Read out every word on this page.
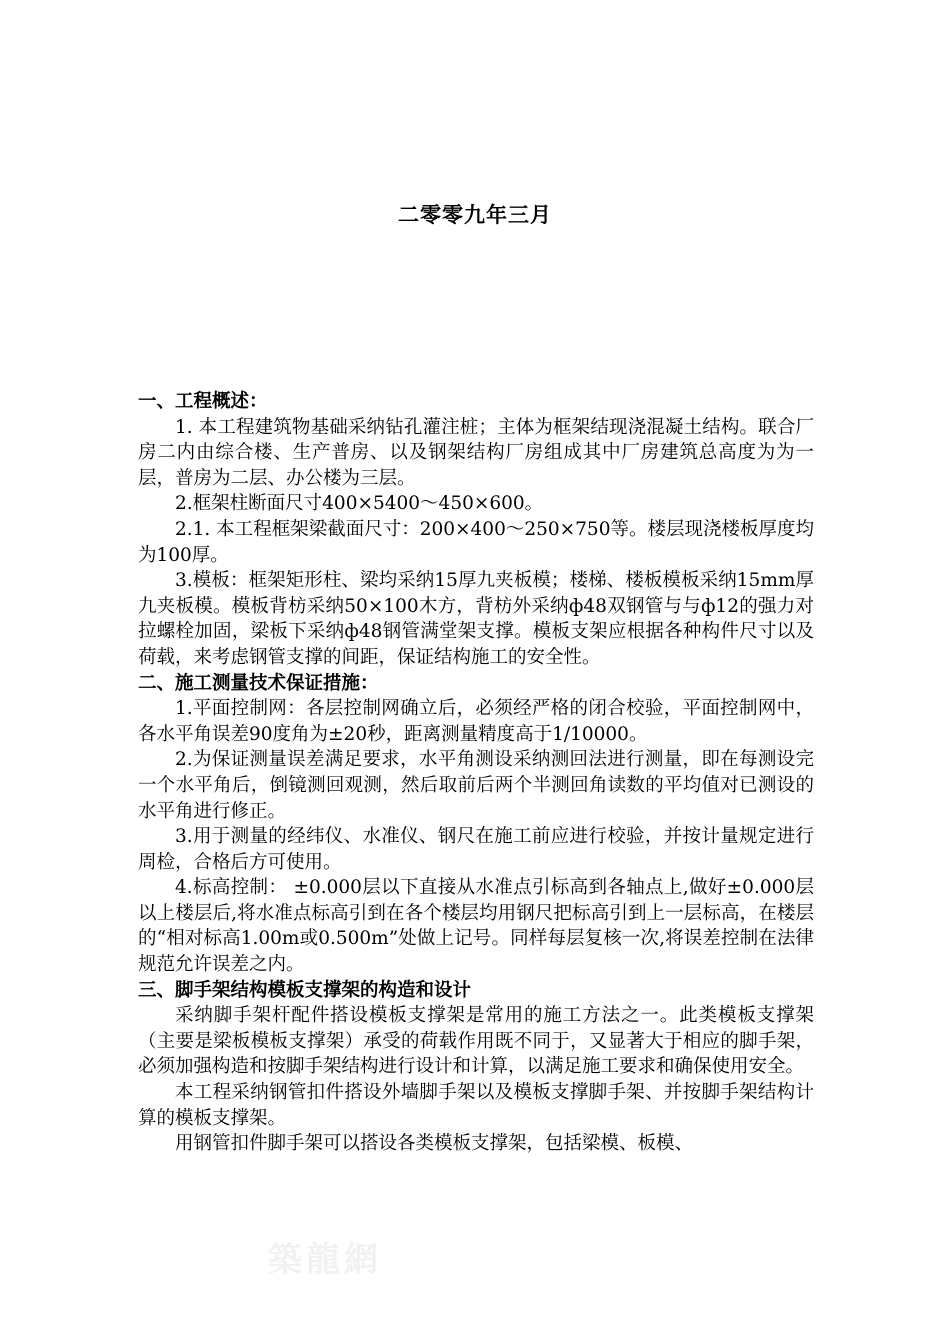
二零零九年三月

一、工程概述：

1. 本工程建筑物基础采纳钻孔灌注桩；主体为框架结现浇混凝土结构。联合厂房二内由综合楼、生产普房、以及钢架结构厂房组成其中厂房建筑总高度为为一层，普房为二层、办公楼为三层。

2.框架柱断面尺寸400×5400～450×600。

2.1. 本工程框架梁截面尺寸：200×400～250×750等。楼层现浇楼板厚度均为100厚。

3.模板：框架矩形柱、梁均采纳15厚九夹板模；楼梯、楼板模板采纳15mm厚九夹板模。模板背枋采纳50×100木方，背枋外采纳ф48双钢管与与ф12的强力对拉螺栓加固，梁板下采纳ф48钢管满堂架支撑。模板支架应根据各种构件尺寸以及荷载，来考虑钢管支撑的间距，保证结构施工的安全性。

二、施工测量技术保证措施：

1.平面控制网：各层控制网确立后，必须经严格的闭合校验，平面控制网中，各水平角误差90度角为±20秒，距离测量精度高于1/10000。

2.为保证测量误差满足要求，水平角测设采纳测回法进行测量，即在每测设完一个水平角后，倒镜测回观测，然后取前后两个半测回角读数的平均值对已测设的水平角进行修正。

3.用于测量的经纬仪、水准仪、钢尺在施工前应进行校验，并按计量规定进行周检，合格后方可使用。

4.标高控制： ±0.000层以下直接从水准点引标高到各轴点上,做好±0.000层以上楼层后,将水准点标高引到在各个楼层均用钢尺把标高引到上一层标高，在楼层的“相对标高1.00m或0.500m”处做上记号。同样每层复核一次,将误差控制在法律规范允许误差之内。

三、脚手架结构模板支撑架的构造和设计

采纳脚手架杆配件搭设模板支撑架是常用的施工方法之一。此类模板支撑架（主要是梁板模板支撑架）承受的荷载作用既不同于，又显著大于相应的脚手架，必须加强构造和按脚手架结构进行设计和计算，以满足施工要求和确保使用安全。

本工程采纳钢管扣件搭设外墙脚手架以及模板支撑脚手架、并按脚手架结构计算的模板支撑架。

用钢管扣件脚手架可以搭设各类模板支撑架，包括梁模、板模、

築龍網
